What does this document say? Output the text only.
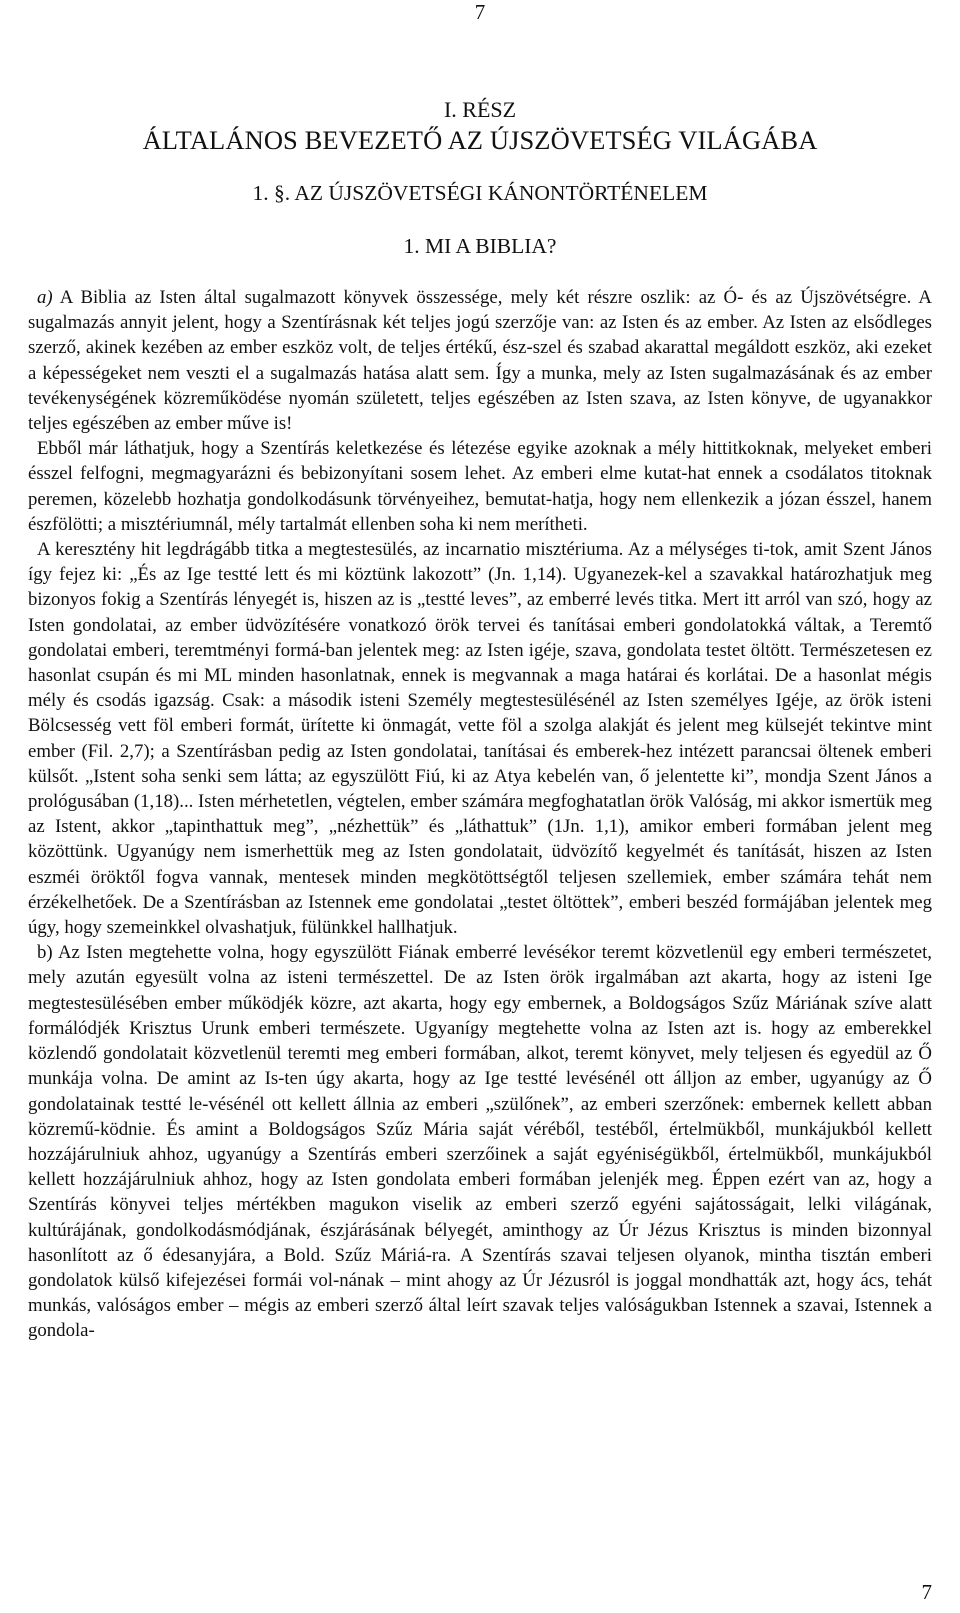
7
I. RÉSZ
ÁLTALÁNOS BEVEZETŐ AZ ÚJSZÖVETSÉG VILÁGÁBA
1. §. AZ ÚJSZÖVETSÉGI KÁNONTÖRTÉNELEM
1. MI A BIBLIA?

a) A Biblia az Isten által sugalmazott könyvek összessége, mely két részre oszlik: az Ó- és az Újszövétségre. A sugalmazás annyit jelent, hogy a Szentírásnak két teljes jogú szerzője van: az Isten és az ember. Az Isten az elsődleges szerző, akinek kezében az ember eszköz volt, de teljes értékű, ész-szel és szabad akarattal megáldott eszköz, aki ezeket a képességeket nem veszti el a sugalmazás hatása alatt sem. Így a munka, mely az Isten sugalmazásának és az ember tevékenységének közreműködése nyomán született, teljes egészében az Isten szava, az Isten könyve, de ugyanakkor teljes egészében az ember műve is!

Ebből már láthatjuk, hogy a Szentírás keletkezése és létezése egyike azoknak a mély hittitkoknak, melyeket emberi ésszel felfogni, megmagyarázni és bebizonyítani sosem lehet. Az emberi elme kutat-hat ennek a csodálatos titoknak peremen, közelebb hozhatja gondolkodásunk törvényeihez, bemutat-hatja, hogy nem ellenkezik a józan ésszel, hanem észfölötti; a misztériumnál, mély tartalmát ellenben soha ki nem merítheti.

A keresztény hit legdrágább titka a megtestesülés, az incarnatio misztériuma. Az a mélységes ti-tok, amit Szent János így fejez ki: „És az Ige testté lett és mi köztünk lakozott” (Jn. 1,14). Ugyanezek-kel a szavakkal határozhatjuk meg bizonyos fokig a Szentírás lényegét is, hiszen az is „testté leves”, az emberré levés titka. Mert itt arról van szó, hogy az Isten gondolatai, az ember üdvözítésére vonatkozó örök tervei és tanításai emberi gondolatokká váltak, a Teremtő gondolatai emberi, teremtményi formá-ban jelentek meg: az Isten igéje, szava, gondolata testet öltött. Természetesen ez hasonlat csupán és mi ML minden hasonlatnak, ennek is megvannak a maga határai és korlátai. De a hasonlat mégis mély és csodás igazság. Csak: a második isteni Személy megtestesülésénél az Isten személyes Igéje, az örök isteni Bölcsesség vett föl emberi formát, ürítette ki önmagát, vette föl a szolga alakját és jelent meg külsejét tekintve mint ember (Fil. 2,7); a Szentírásban pedig az Isten gondolatai, tanításai és emberek-hez intézett parancsai öltenek emberi külsőt. „Istent soha senki sem látta; az egyszülött Fiú, ki az Atya kebelén van, ő jelentette ki”, mondja Szent János a prológusában (1,18)... Isten mérhetetlen, végtelen, ember számára megfoghatatlan örök Valóság, mi akkor ismertük meg az Istent, akkor „tapinthattuk meg”, „nézhettük” és „láthattuk” (1Jn. 1,1), amikor emberi formában jelent meg közöttünk. Ugyanúgy nem ismerhettük meg az Isten gondolatait, üdvözítő kegyelmét és tanítását, hiszen az Isten eszméi öröktől fogva vannak, mentesek minden megkötöttségtől teljesen szellemiek, ember számára tehát nem érzékelhetőek. De a Szentírásban az Istennek eme gondolatai „testet öltöttek”, emberi beszéd formájában jelentek meg úgy, hogy szemeinkkel olvashatjuk, fülünkkel hallhatjuk.

b) Az Isten megtehette volna, hogy egyszülött Fiának emberré levésékor teremt közvetlenül egy emberi természetet, mely azután egyesült volna az isteni természettel. De az Isten örök irgalmában azt akarta, hogy az isteni Ige megtestesülésében ember működjék közre, azt akarta, hogy egy embernek, a Boldogságos Szűz Máriának szíve alatt formálódjék Krisztus Urunk emberi természete. Ugyanígy megtehette volna az Isten azt is. hogy az emberekkel közlendő gondolatait közvetlenül teremti meg emberi formában, alkot, teremt könyvet, mely teljesen és egyedül az Ő munkája volna. De amint az Is-ten úgy akarta, hogy az Ige testté levésénél ott álljon az ember, ugyanúgy az Ő gondolatainak testté le-vésénél ott kellett állnia az emberi „szülőnek”, az emberi szerzőnek: embernek kellett abban közremű-ködnie. És amint a Boldogságos Szűz Mária saját véréből, testéből, értelmükből, munkájukból kellett hozzájárulniuk ahhoz, ugyanúgy a Szentírás emberi szerzőinek a saját egyéniségükből, értelmükből, munkájukból kellett hozzájárulniuk ahhoz, hogy az Isten gondolata emberi formában jelenjék meg. Éppen ezért van az, hogy a Szentírás könyvei teljes mértékben magukon viselik az emberi szerző egyéni sajátosságait, lelki világának, kultúrájának, gondolkodásmódjának, észjárásának bélyegét, aminthogy az Úr Jézus Krisztus is minden bizonnyal hasonlított az ő édesanyjára, a Bold. Szűz Máriá-ra. A Szentírás szavai teljesen olyanok, mintha tisztán emberi gondolatok külső kifejezései formái vol-nának – mint ahogy az Úr Jézusról is joggal mondhatták azt, hogy ács, tehát munkás, valóságos ember – mégis az emberi szerző által leírt szavak teljes valóságukban Istennek a szavai, Istennek a gondola-

7
